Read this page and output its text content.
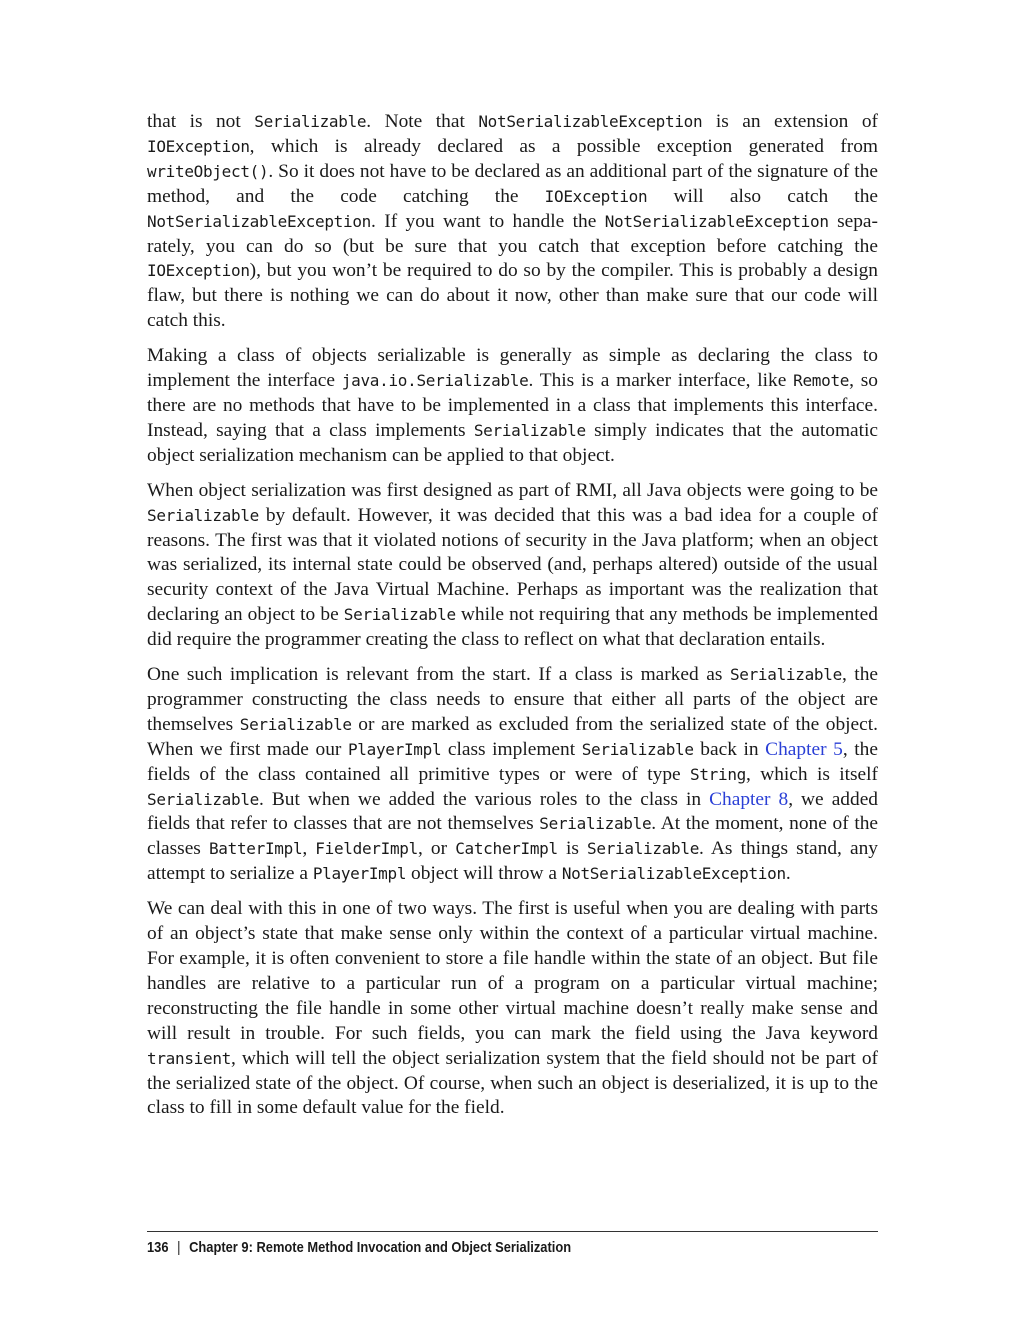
that is not Serializable. Note that NotSerializableException is an extension of IOException, which is already declared as a possible exception generated from writeObject(). So it does not have to be declared as an additional part of the signature of the method, and the code catching the IOException will also catch the NotSerializableException. If you want to handle the NotSerializableException separately, you can do so (but be sure that you catch that exception before catching the IOException), but you won’t be required to do so by the compiler. This is probably a design flaw, but there is nothing we can do about it now, other than make sure that our code will catch this.

Making a class of objects serializable is generally as simple as declaring the class to implement the interface java.io.Serializable. This is a marker interface, like Remote, so there are no methods that have to be implemented in a class that implements this interface. Instead, saying that a class implements Serializable simply indicates that the automatic object serialization mechanism can be applied to that object.

When object serialization was first designed as part of RMI, all Java objects were going to be Serializable by default. However, it was decided that this was a bad idea for a couple of reasons. The first was that it violated notions of security in the Java platform; when an object was serialized, its internal state could be observed (and, perhaps altered) outside of the usual security context of the Java Virtual Machine. Perhaps as important was the realization that declaring an object to be Serializable while not requiring that any methods be implemented did require the programmer creating the class to reflect on what that declaration entails.

One such implication is relevant from the start. If a class is marked as Serializable, the programmer constructing the class needs to ensure that either all parts of the object are themselves Serializable or are marked as excluded from the serialized state of the object. When we first made our PlayerImpl class implement Serializable back in Chapter 5, the fields of the class contained all primitive types or were of type String, which is itself Serializable. But when we added the various roles to the class in Chapter 8, we added fields that refer to classes that are not themselves Serializable. At the moment, none of the classes BatterImpl, FielderImpl, or CatcherImpl is Serializable. As things stand, any attempt to serialize a PlayerImpl object will throw a NotSerializableException.

We can deal with this in one of two ways. The first is useful when you are dealing with parts of an object’s state that make sense only within the context of a particular virtual machine. For example, it is often convenient to store a file handle within the state of an object. But file handles are relative to a particular run of a program on a particular virtual machine; reconstructing the file handle in some other virtual machine doesn’t really make sense and will result in trouble. For such fields, you can mark the field using the Java keyword transient, which will tell the object serialization system that the field should not be part of the serialized state of the object. Of course, when such an object is deserialized, it is up to the class to fill in some default value for the field.

136 | Chapter 9: Remote Method Invocation and Object Serialization
